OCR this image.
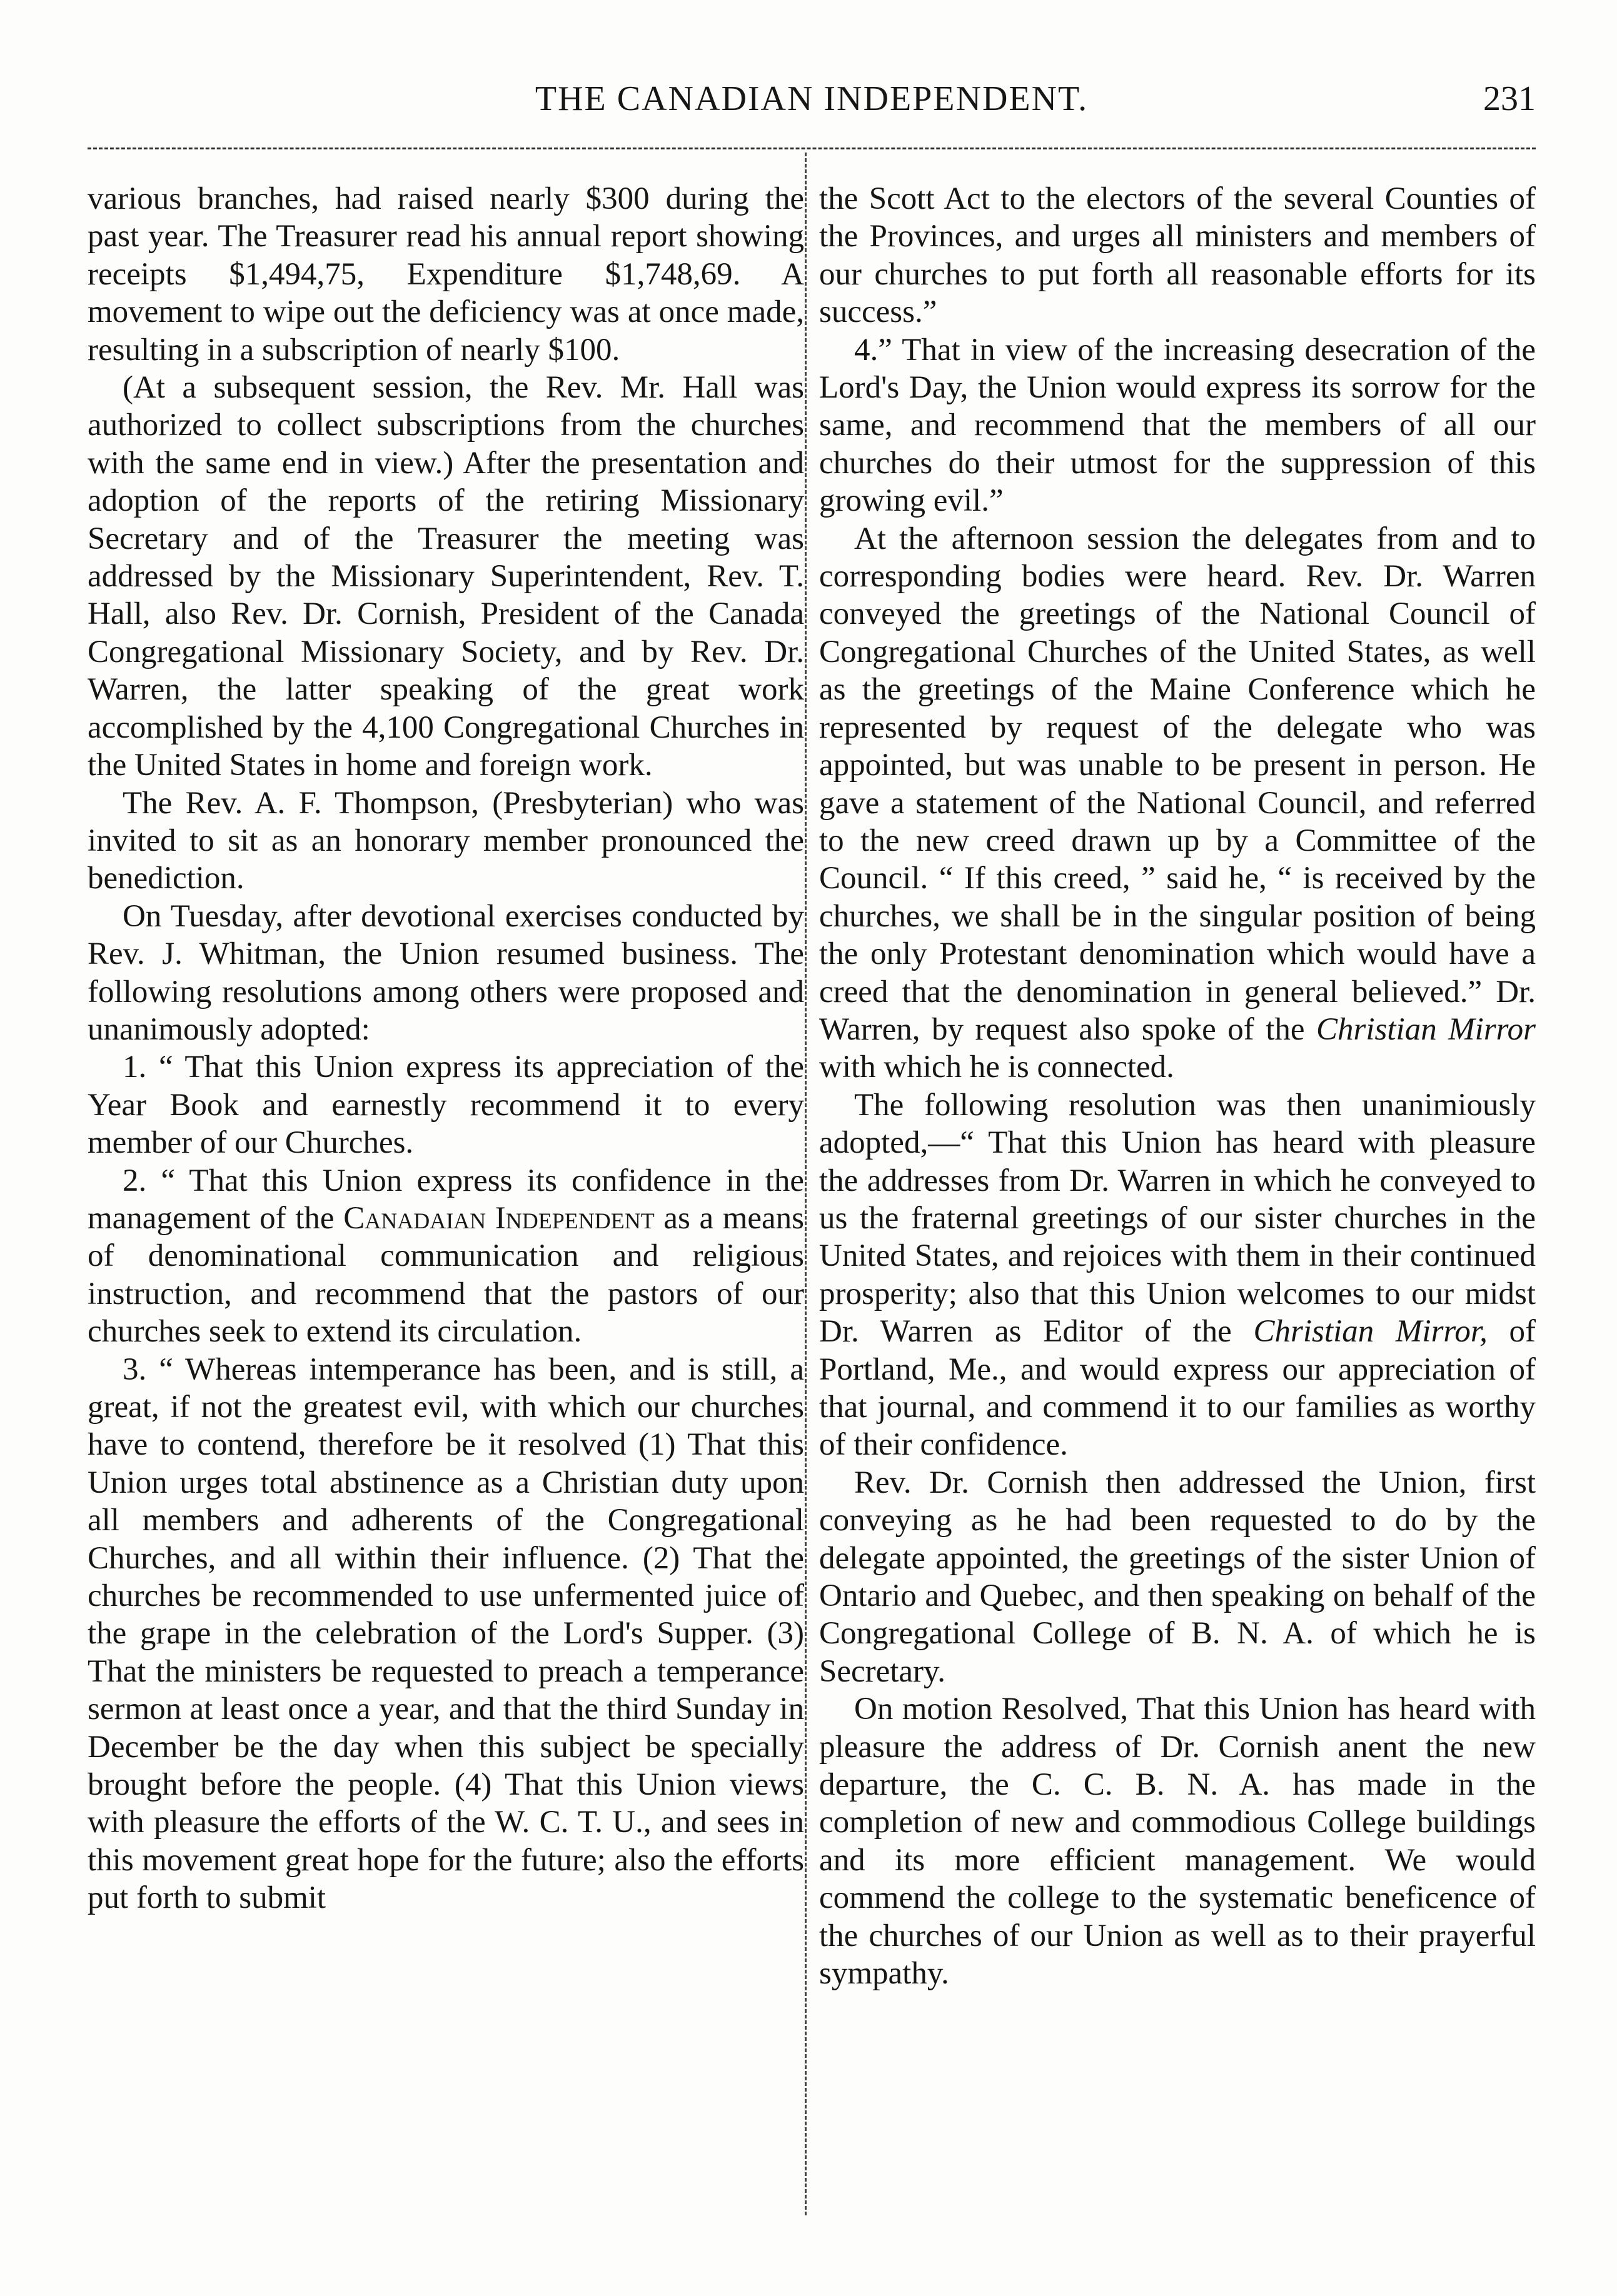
THE CANADIAN INDEPENDENT.	231

various branches, had raised nearly $300 during the past year. The Treasurer read his annual report showing receipts $1,494,75, Expenditure $1,748,69. A movement to wipe out the deficiency was at once made, resulting in a subscription of nearly $100.

(At a subsequent session, the Rev. Mr. Hall was authorized to collect subscriptions from the churches with the same end in view.) After the presentation and adoption of the reports of the retiring Missionary Secretary and of the Treasurer the meeting was addressed by the Missionary Superintendent, Rev. T. Hall, also Rev. Dr. Cornish, President of the Canada Congregational Missionary Society, and by Rev. Dr. Warren, the latter speaking of the great work accomplished by the 4,100 Congregational Churches in the United States in home and foreign work.

The Rev. A. F. Thompson, (Presbyterian) who was invited to sit as an honorary member pronounced the benediction.

On Tuesday, after devotional exercises conducted by Rev. J. Whitman, the Union resumed business. The following resolutions among others were proposed and unanimously adopted:

1. “ That this Union express its appreciation of the Year Book and earnestly recommend it to every member of our Churches.

2. “ That this Union express its confidence in the management of the Canadaian Independent as a means of denominational communication and religious instruction, and recommend that the pastors of our churches seek to extend its circulation.

3. “ Whereas intemperance has been, and is still, a great, if not the greatest evil, with which our churches have to contend, therefore be it resolved (1) That this Union urges total abstinence as a Christian duty upon all members and adherents of the Congregational Churches, and all within their influence. (2) That the churches be recommended to use unfermented juice of the grape in the celebration of the Lord's Supper. (3) That the ministers be requested to preach a temperance sermon at least once a year, and that the third Sunday in December be the day when this subject be specially brought before the people. (4) That this Union views with pleasure the efforts of the W. C. T. U., and sees in this movement great hope for the future; also the efforts put forth to submit

the Scott Act to the electors of the several Counties of the Provinces, and urges all ministers and members of our churches to put forth all reasonable efforts for its success.”

4.” That in view of the increasing desecration of the Lord's Day, the Union would express its sorrow for the same, and recommend that the members of all our churches do their utmost for the suppression of this growing evil.”

At the afternoon session the delegates from and to corresponding bodies were heard. Rev. Dr. Warren conveyed the greetings of the National Council of Congregational Churches of the United States, as well as the greetings of the Maine Conference which he represented by request of the delegate who was appointed, but was unable to be present in person. He gave a statement of the National Council, and referred to the new creed drawn up by a Committee of the Council. “ If this creed, ” said he, “ is received by the churches, we shall be in the singular position of being the only Protestant denomination which would have a creed that the denomination in general believed.” Dr. Warren, by request also spoke of the Christian Mirror with which he is connected.

The following resolution was then unanimiously adopted,—“ That this Union has heard with pleasure the addresses from Dr. Warren in which he conveyed to us the fraternal greetings of our sister churches in the United States, and rejoices with them in their continued prosperity; also that this Union welcomes to our midst Dr. Warren as Editor of the Christian Mirror, of Portland, Me., and would express our appreciation of that journal, and commend it to our families as worthy of their confidence.

Rev. Dr. Cornish then addressed the Union, first conveying as he had been requested to do by the delegate appointed, the greetings of the sister Union of Ontario and Quebec, and then speaking on behalf of the Congregational College of B. N. A. of which he is Secretary.

On motion Resolved, That this Union has heard with pleasure the address of Dr. Cornish anent the new departure, the C. C. B. N. A. has made in the completion of new and commodious College buildings and its more efficient management. We would commend the college to the systematic beneficence of the churches of our Union as well as to their prayerful sympathy.
